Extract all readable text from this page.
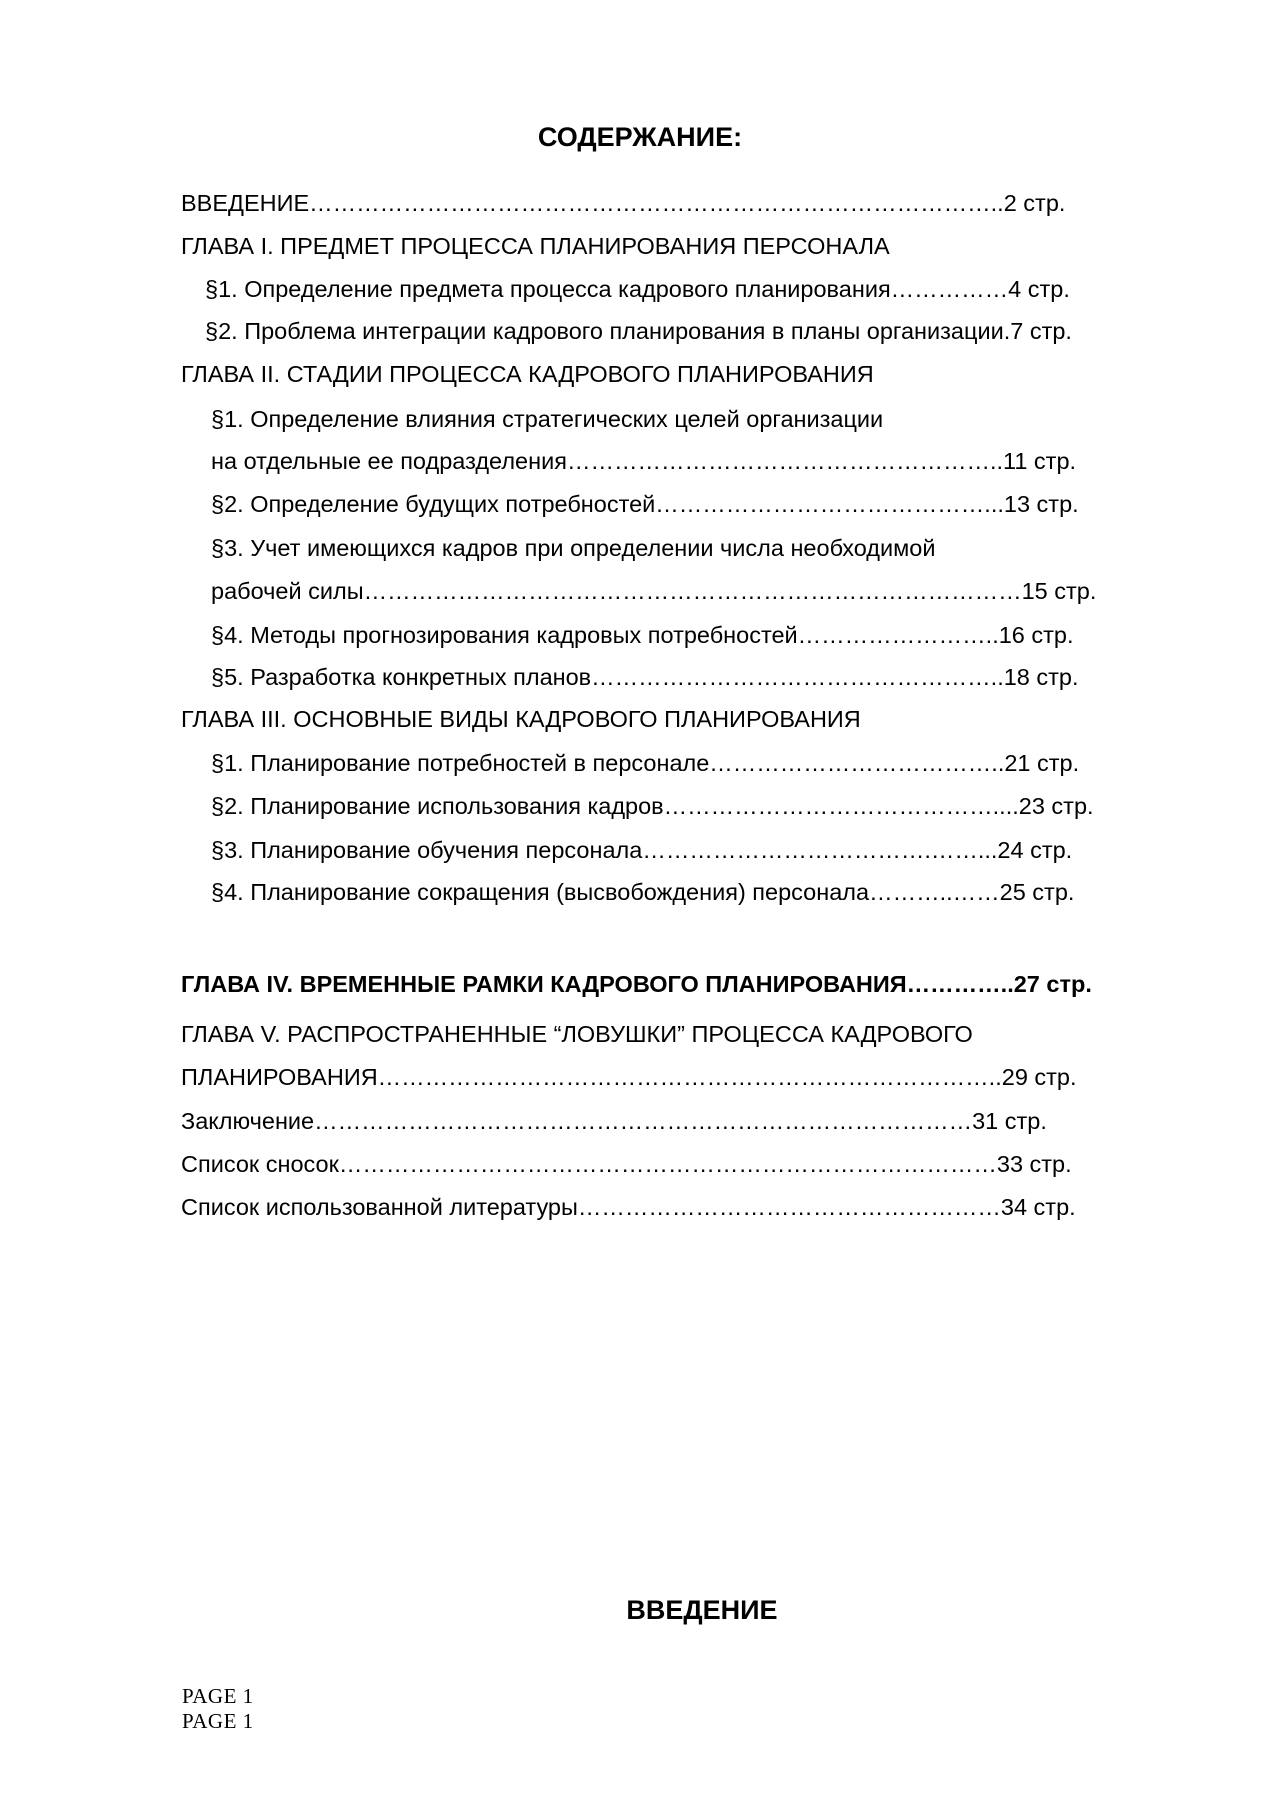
СОДЕРЖАНИЕ:
ВВЕДЕНИЕ……………………………………………………………………………..2 стр.
ГЛАВА I. ПРЕДМЕТ ПРОЦЕССА ПЛАНИРОВАНИЯ ПЕРСОНАЛА
§1. Определение предмета процесса кадрового планирования……………4 стр.
§2. Проблема интеграции кадрового планирования в планы организации.7 стр.
ГЛАВА II. СТАДИИ ПРОЦЕССА КАДРОВОГО ПЛАНИРОВАНИЯ
§1. Определение влияния стратегических целей организации
на отдельные ее подразделения………………………………………………..11 стр.
§2. Определение будущих потребностей……………………………………...13 стр.
§3. Учет имеющихся кадров при определении числа необходимой
рабочей силы…………………………………………………………………………15 стр.
§4. Методы прогнозирования кадровых потребностей……………………..16 стр.
§5. Разработка конкретных планов……………………………………………..18 стр.
ГЛАВА III. ОСНОВНЫЕ ВИДЫ КАДРОВОГО ПЛАНИРОВАНИЯ
§1. Планирование потребностей в персонале………………………………..21 стр.
§2. Планирование использования кадров……………………………………....23 стр.
§3. Планирование обучения персонала……………………………….……...24 стр.
§4. Планирование сокращения (высвобождения) персонала………..……25 стр.
ГЛАВА IV. ВРЕМЕННЫЕ РАМКИ КАДРОВОГО ПЛАНИРОВАНИЯ…………..27 стр.
ГЛАВА V. РАСПРОСТРАНЕННЫЕ “ЛОВУШКИ” ПРОЦЕССА КАДРОВОГО
ПЛАНИРОВАНИЯ……………………………………………………………………..29 стр.
Заключение…………………………………………………………………………31 стр.
Список сносок…………………………………………………………………………33 стр.
Список использованной литературы………………………………………………34 стр.
ВВЕДЕНИЕ
PAGE 1
PAGE 1
